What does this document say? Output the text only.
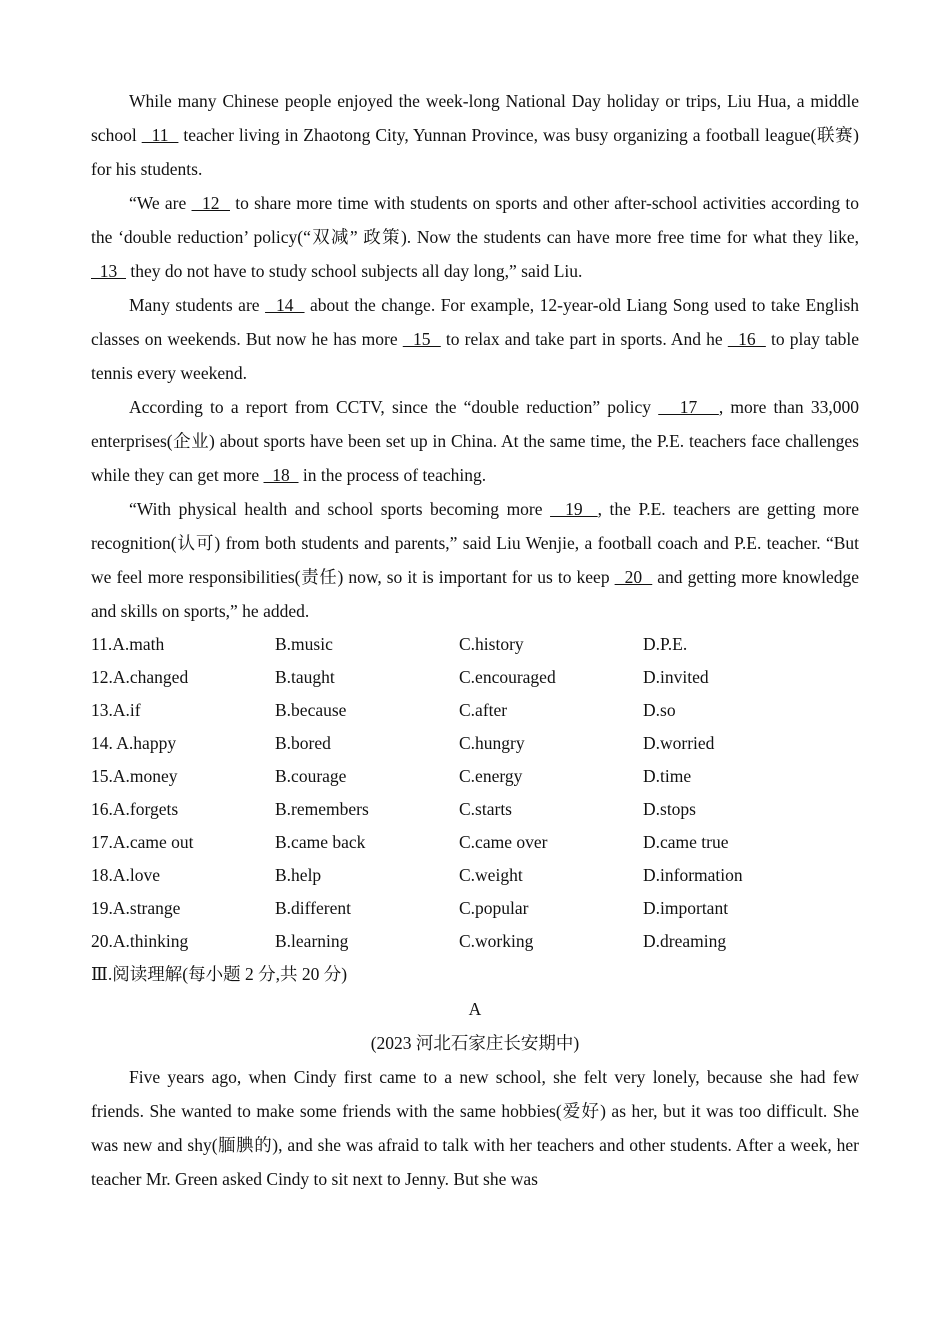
While many Chinese people enjoyed the week-long National Day holiday or trips, Liu Hua, a middle school   11   teacher living in Zhaotong City, Yunnan Province, was busy organizing a football league(联赛) for his students.

“We are   12   to share more time with students on sports and other after-school activities according to the ‘double reduction’ policy(“双减” 政策). Now the students can have more free time for what they like,   13   they do not have to study school subjects all day long,” said Liu.

Many students are   14   about the change. For example, 12-year-old Liang Song used to take English classes on weekends. But now he has more   15   to relax and take part in sports. And he   16   to play table tennis every weekend.

According to a report from CCTV, since the “double reduction” policy    17   , more than 33,000 enterprises(企业) about sports have been set up in China. At the same time, the P.E. teachers face challenges while they can get more   18   in the process of teaching.

“With physical health and school sports becoming more   19  , the P.E. teachers are getting more recognition(认可) from both students and parents,” said Liu Wenjie, a football coach and P.E. teacher. “But we feel more responsibilities(责任) now, so it is important for us to keep   20   and getting more knowledge and skills on sports,” he added.

11.A.math	B.music	C.history	D.P.E.
12.A.changed	B.taught	C.encouraged	D.invited
13.A.if	B.because	C.after	D.so
14. A.happy	B.bored	C.hungry	D.worried
15.A.money	B.courage	C.energy	D.time
16.A.forgets	B.remembers	C.starts	D.stops
17.A.came out	B.came back	C.came over	D.came true
18.A.love	B.help	C.weight	D.information
19.A.strange	B.different	C.popular	D.important
20.A.thinking	B.learning	C.working	D.dreaming
Ⅲ.阅读理解(每小题 2 分,共 20 分)
A
(2023 河北石家庄长安期中)

Five years ago, when Cindy first came to a new school, she felt very lonely, because she had few friends. She wanted to make some friends with the same hobbies(爱好) as her, but it was too difficult. She was new and shy(腼腆的), and she was afraid to talk with her teachers and other students. After a week, her teacher Mr. Green asked Cindy to sit next to Jenny. But she was
